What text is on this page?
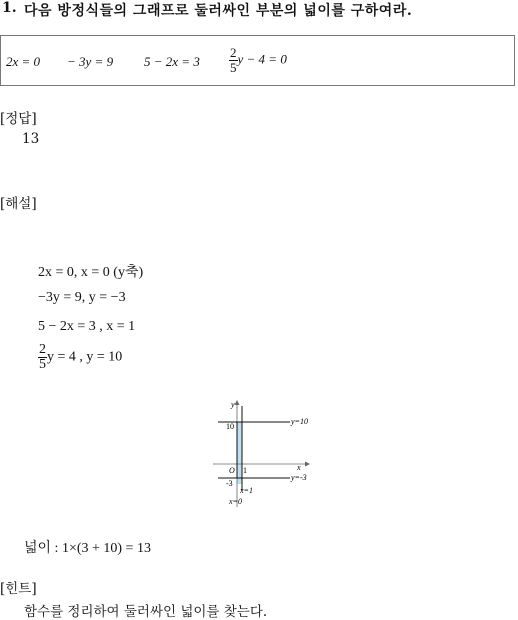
1. 다음 방정식들의 그래프로 둘러싸인 부분의 넓이를 구하여라.
2x = 0 − 3y = 9 $5 - 2x = 3 \frac{2}{5}$ y − 4 = 0
[정답]
13
[해설]
2x = 0, x = 0 (y축)
−3y = 9, y = −3
5 − 2x = 3 , x = 1
$\frac{2}{5}$ y = 4 , y = 10
y
x
10
O 1
-3
y=10
y=-3
x=1
x=0
넓이 : 1×(3 + 10) = 13
[힌트]
함수를 정리하여 둘러싸인 넓이를 찾는다.
